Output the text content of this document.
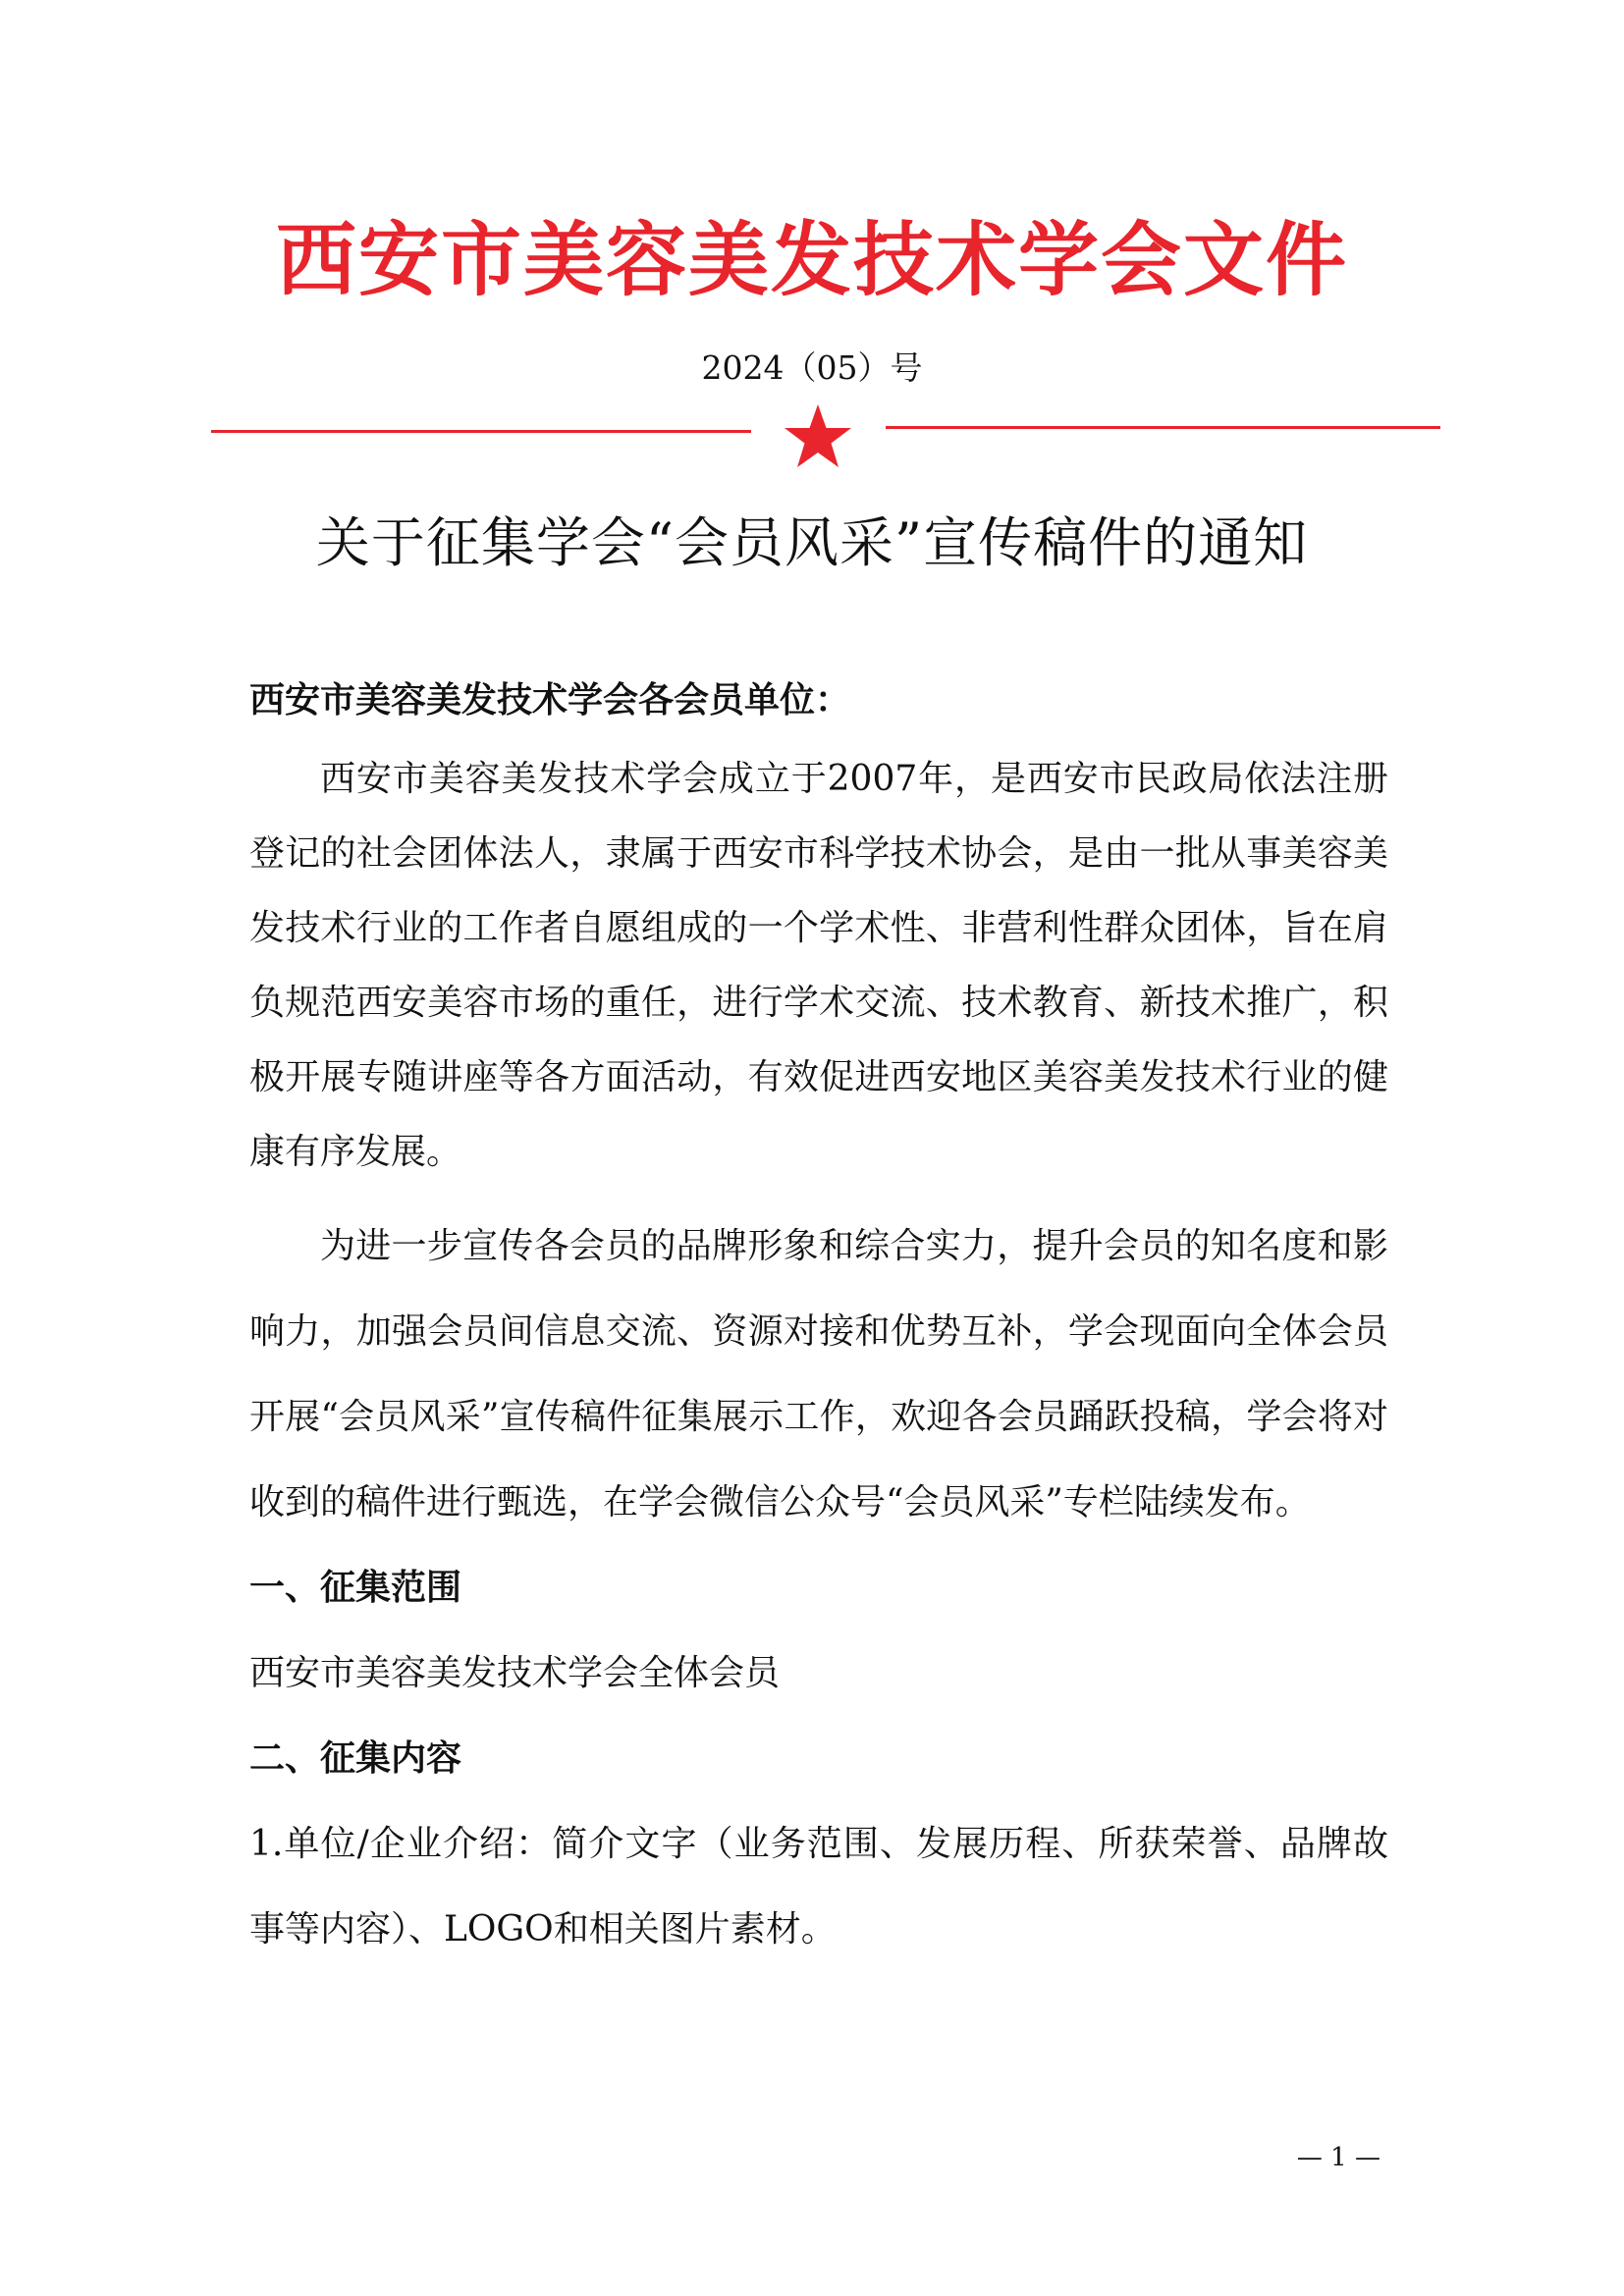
西安市美容美发技术学会文件
2024（05）号
关于征集学会“会员风采”宣传稿件的通知

西安市美容美发技术学会各会员单位：

西安市美容美发技术学会成立于2007年，是西安市民政局依法注册登记的社会团体法人，隶属于西安市科学技术协会，是由一批从事美容美发技术行业的工作者自愿组成的一个学术性、非营利性群众团体，旨在肩负规范西安美容市场的重任，进行学术交流、技术教育、新技术推广，积极开展专随讲座等各方面活动，有效促进西安地区美容美发技术行业的健康有序发展。

为进一步宣传各会员的品牌形象和综合实力，提升会员的知名度和影响力，加强会员间信息交流、资源对接和优势互补，学会现面向全体会员开展“会员风采”宣传稿件征集展示工作，欢迎各会员踊跃投稿，学会将对收到的稿件进行甄选，在学会微信公众号“会员风采”专栏陆续发布。

一、征集范围

西安市美容美发技术学会全体会员

二、征集内容

1.单位/企业介绍：简介文字（业务范围、发展历程、所获荣誉、品牌故事等内容）、LOGO和相关图片素材。

— 1 —
